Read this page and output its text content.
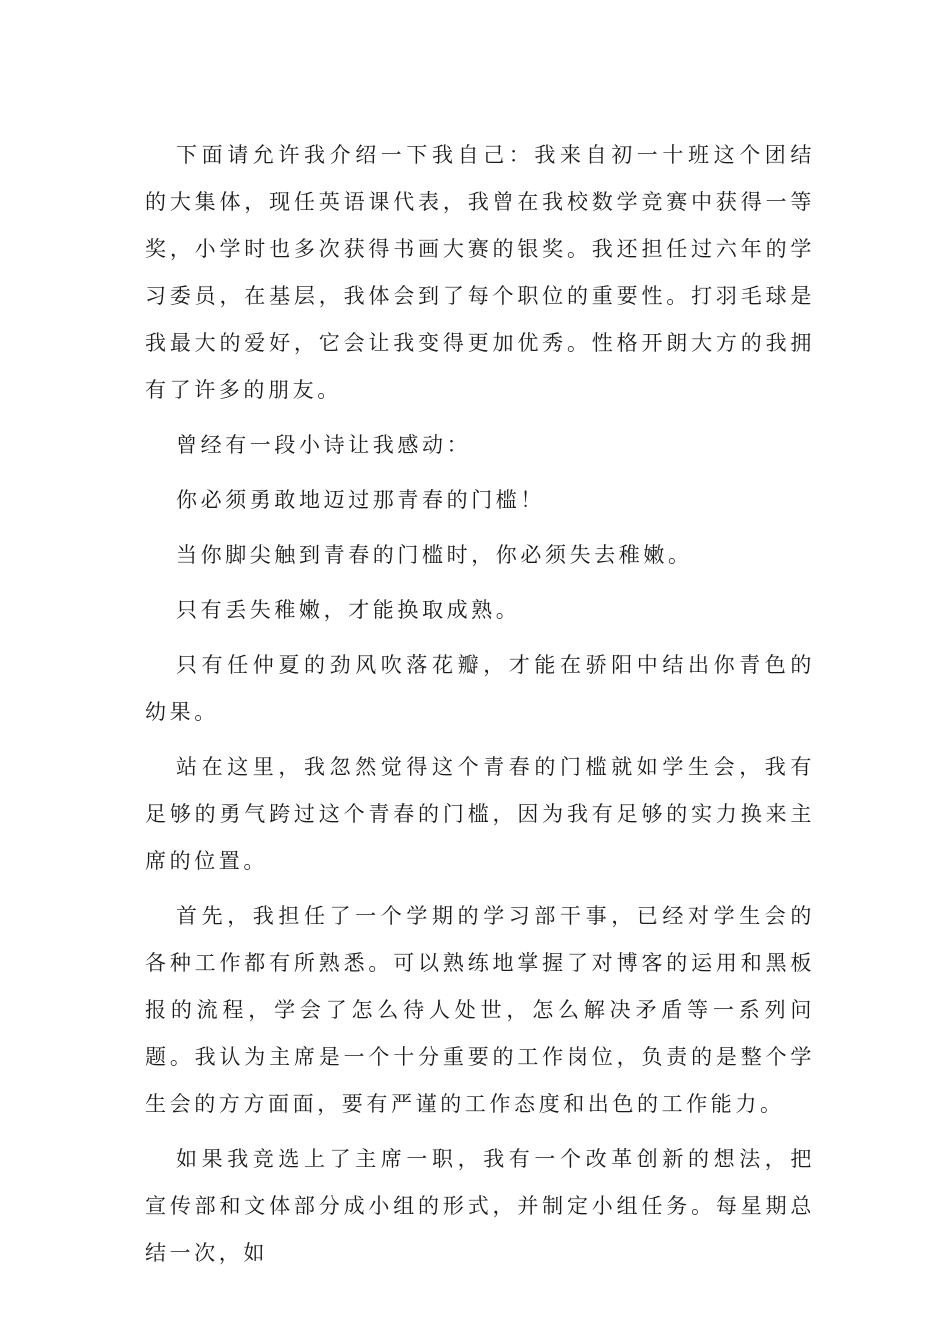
下面请允许我介绍一下我自己：我来自初一十班这个团结的大集体，现任英语课代表，我曾在我校数学竞赛中获得一等奖，小学时也多次获得书画大赛的银奖。我还担任过六年的学习委员，在基层，我体会到了每个职位的重要性。打羽毛球是我最大的爱好，它会让我变得更加优秀。性格开朗大方的我拥有了许多的朋友。

曾经有一段小诗让我感动：

你必须勇敢地迈过那青春的门槛！

当你脚尖触到青春的门槛时，你必须失去稚嫩。

只有丢失稚嫩，才能换取成熟。

只有任仲夏的劲风吹落花瓣，才能在骄阳中结出你青色的幼果。

站在这里，我忽然觉得这个青春的门槛就如学生会，我有足够的勇气跨过这个青春的门槛，因为我有足够的实力换来主席的位置。

首先，我担任了一个学期的学习部干事，已经对学生会的各种工作都有所熟悉。可以熟练地掌握了对博客的运用和黑板报的流程，学会了怎么待人处世，怎么解决矛盾等一系列问题。我认为主席是一个十分重要的工作岗位，负责的是整个学生会的方方面面，要有严谨的工作态度和出色的工作能力。

如果我竞选上了主席一职，我有一个改革创新的想法，把宣传部和文体部分成小组的形式，并制定小组任务。每星期总结一次，如
